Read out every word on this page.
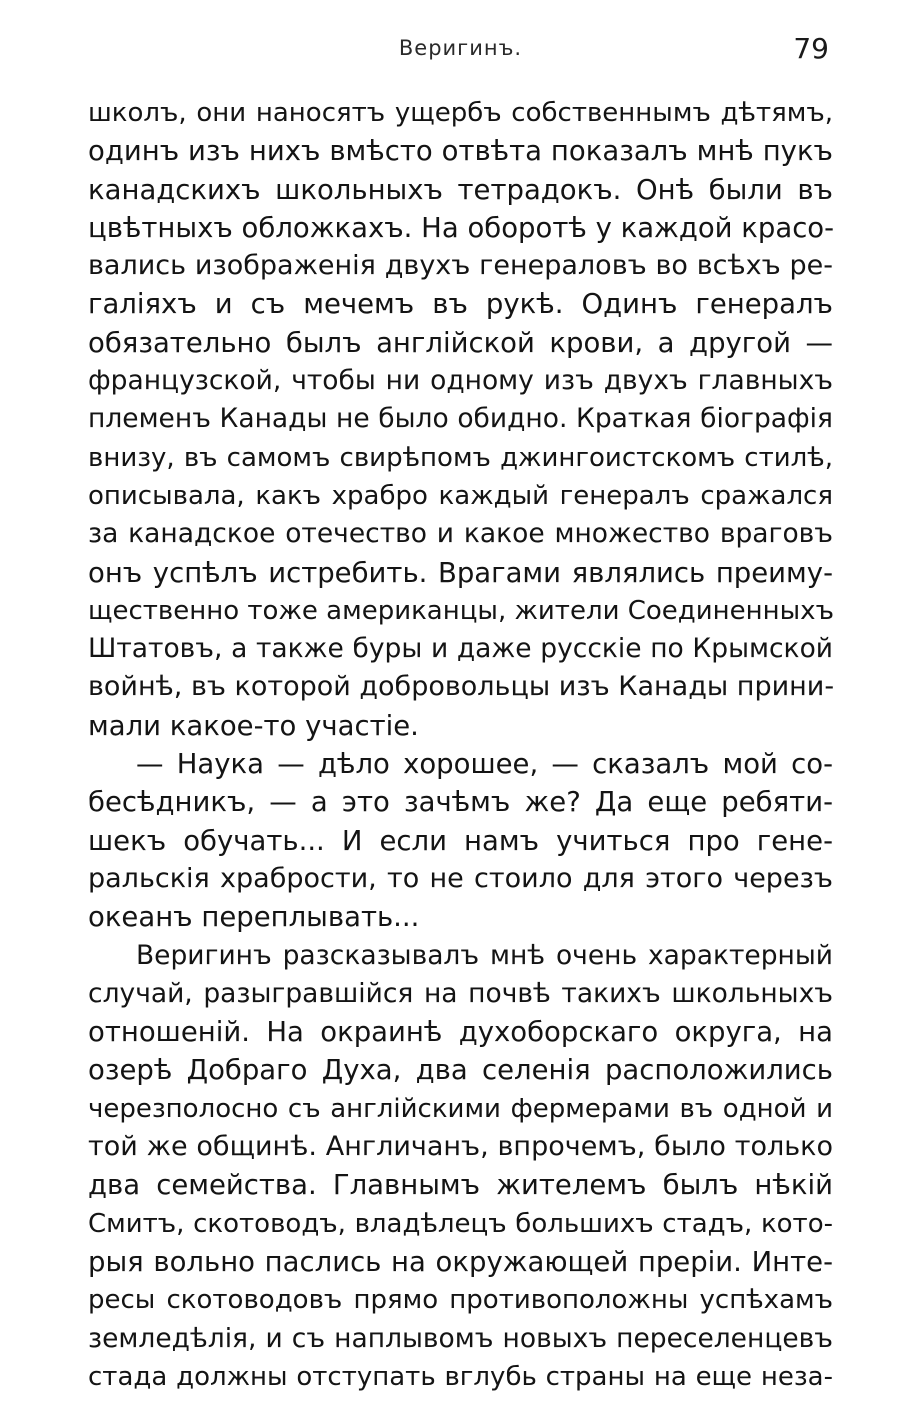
Веригинъ.	79
школъ, они наносятъ ущербъ собственнымъ дѣтямъ,
одинъ изъ нихъ вмѣсто отвѣта показалъ мнѣ пукъ
канадскихъ школьныхъ тетрадокъ. Онѣ были въ
цвѣтныхъ обложкахъ. На оборотѣ у каждой красо-
вались изображенія двухъ генераловъ во всѣхъ ре-
галіяхъ и съ мечемъ въ рукѣ. Одинъ генералъ
обязательно былъ англійской крови, а другой —
французской, чтобы ни одному изъ двухъ главныхъ
племенъ Канады не было обидно. Краткая біографія
внизу, въ самомъ свирѣпомъ джингоистскомъ стилѣ,
описывала, какъ храбро каждый генералъ сражался
за канадское отечество и какое множество враговъ
онъ успѣлъ истребить. Врагами являлись преиму-
щественно тоже американцы, жители Соединенныхъ
Штатовъ, а также буры и даже русскіе по Крымской
войнѣ, въ которой добровольцы изъ Канады прини-
мали какое-то участіе.
— Наука — дѣло хорошее, — сказалъ мой со-
бесѣдникъ, — а это зачѣмъ же? Да еще ребяти-
шекъ обучать... И если намъ учиться про гене-
ральскія храбрости, то не стоило для этого черезъ
океанъ переплывать...
Веригинъ разсказывалъ мнѣ очень характерный
случай, разыгравшійся на почвѣ такихъ школьныхъ
отношеній. На окраинѣ духоборскаго округа, на
озерѣ Добраго Духа, два селенія расположились
черезполосно съ англійскими фермерами въ одной и
той же общинѣ. Англичанъ, впрочемъ, было только
два семейства. Главнымъ жителемъ былъ нѣкій
Смитъ, скотоводъ, владѣлецъ большихъ стадъ, кото-
рыя вольно паслись на окружающей преріи. Инте-
ресы скотоводовъ прямо противоположны успѣхамъ
земледѣлія, и съ наплывомъ новыхъ переселенцевъ
стада должны отступать вглубь страны на еще неза-
